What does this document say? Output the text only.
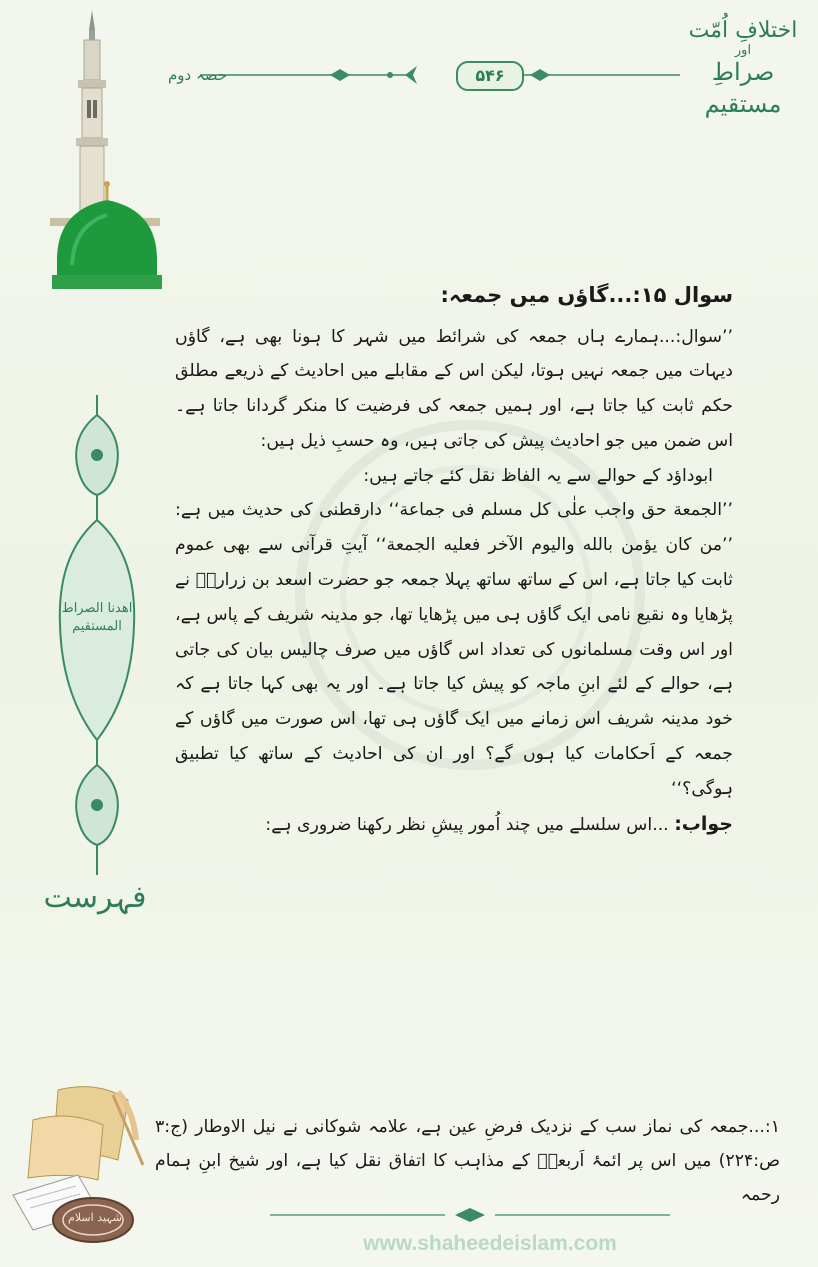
اختلافِ اُمّت
اور
صراطِ مستقیم
۵۴۶
حصہ دوم
اهدنا الصراط المستقیم
فہرست
سوال ۱۵:...گاؤں میں جمعہ:

’’سوال:...ہمارے ہاں جمعہ کی شرائط میں شہر کا ہونا بھی ہے، گاؤں دیہات میں جمعہ نہیں ہوتا، لیکن اس کے مقابلے میں احادیث کے ذریعے مطلق حکم ثابت کیا جاتا ہے، اور ہمیں جمعہ کی فرضیت کا منکر گردانا جاتا ہے۔ اس ضمن میں جو احادیث پیش کی جاتی ہیں، وہ حسبِ ذیل ہیں:

ابوداؤد کے حوالے سے یہ الفاظ نقل کئے جاتے ہیں:

’’الجمعة حق واجب علٰی كل مسلم فی جماعة‘‘ دارقطنی کی حدیث میں ہے: ’’من كان يؤمن بالله واليوم الآخر فعليه الجمعة‘‘ آیتِ قرآنی سے بھی عموم ثابت کیا جاتا ہے، اس کے ساتھ ساتھ پہلا جمعہ جو حضرت اسعد بن زرارہؓ نے پڑھایا وہ نقیع نامی ایک گاؤں ہی میں پڑھایا تھا، جو مدینہ شریف کے پاس ہے، اور اس وقت مسلمانوں کی تعداد اس گاؤں میں صرف چالیس بیان کی جاتی ہے، حوالے کے لئے ابنِ ماجہ کو پیش کیا جاتا ہے۔ اور یہ بھی کہا جاتا ہے کہ خود مدینہ شریف اس زمانے میں ایک گاؤں ہی تھا، اس صورت میں گاؤں کے جمعہ کے اَحکامات کیا ہوں گے؟ اور ان کی احادیث کے ساتھ کیا تطبیق ہوگی؟‘‘

جواب: ...اس سلسلے میں چند اُمور پیشِ نظر رکھنا ضروری ہے:

۱:...جمعہ کی نماز سب کے نزدیک فرضِ عین ہے، علامہ شوکانی نے نیل الاوطار (ج:۳ ص:۲۲۴) میں اس پر ائمۂ اَربعہؒ کے مذاہب کا اتفاق نقل کیا ہے، اور شیخ ابنِ ہمام رحمہ
www.shaheedeislam.com
شہید اسلام
